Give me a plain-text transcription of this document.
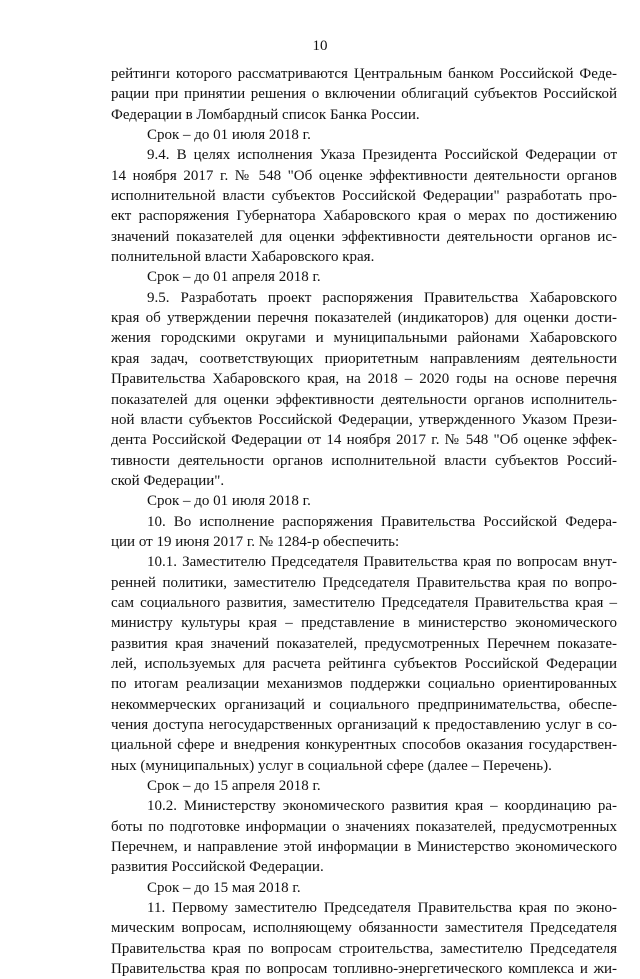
10
рейтинги которого рассматриваются Центральным банком Российской Феде-
рации при принятии решения о включении облигаций субъектов Российской
Федерации в Ломбардный список Банка России.
Срок – до 01 июля 2018 г.
9.4. В целях исполнения Указа Президента Российской Федерации от
14 ноября 2017 г. № 548 "Об оценке эффективности деятельности органов
исполнительной власти субъектов Российской Федерации" разработать про-
ект распоряжения Губернатора Хабаровского края о мерах по достижению
значений показателей для оценки эффективности деятельности органов ис-
полнительной власти Хабаровского края.
Срок – до 01 апреля 2018 г.
9.5. Разработать проект распоряжения Правительства Хабаровского
края об утверждении перечня показателей (индикаторов) для оценки дости-
жения городскими округами и муниципальными районами Хабаровского
края задач, соответствующих приоритетным направлениям деятельности
Правительства Хабаровского края, на 2018 – 2020 годы на основе перечня
показателей для оценки эффективности деятельности органов исполнитель-
ной власти субъектов Российской Федерации, утвержденного Указом Прези-
дента Российской Федерации от 14 ноября 2017 г. № 548 "Об оценке эффек-
тивности деятельности органов исполнительной власти субъектов Россий-
ской Федерации".
Срок – до 01 июля 2018 г.
10. Во исполнение распоряжения Правительства Российской Федера-
ции от 19 июня 2017 г. № 1284-р обеспечить:
10.1. Заместителю Председателя Правительства края по вопросам внут-
ренней политики, заместителю Председателя Правительства края по вопро-
сам социального развития, заместителю Председателя Правительства края –
министру культуры края – представление в министерство экономического
развития края значений показателей, предусмотренных Перечнем показате-
лей, используемых для расчета рейтинга субъектов Российской Федерации
по итогам реализации механизмов поддержки социально ориентированных
некоммерческих организаций и социального предпринимательства, обеспе-
чения доступа негосударственных организаций к предоставлению услуг в со-
циальной сфере и внедрения конкурентных способов оказания государствен-
ных (муниципальных) услуг в социальной сфере (далее – Перечень).
Срок – до 15 апреля 2018 г.
10.2. Министерству экономического развития края – координацию ра-
боты по подготовке информации о значениях показателей, предусмотренных
Перечнем, и направление этой информации в Министерство экономического
развития Российской Федерации.
Срок – до 15 мая 2018 г.
11. Первому заместителю Председателя Правительства края по эконо-
мическим вопросам, исполняющему обязанности заместителя Председателя
Правительства края по вопросам строительства, заместителю Председателя
Правительства края по вопросам топливно-энергетического комплекса и жи-
